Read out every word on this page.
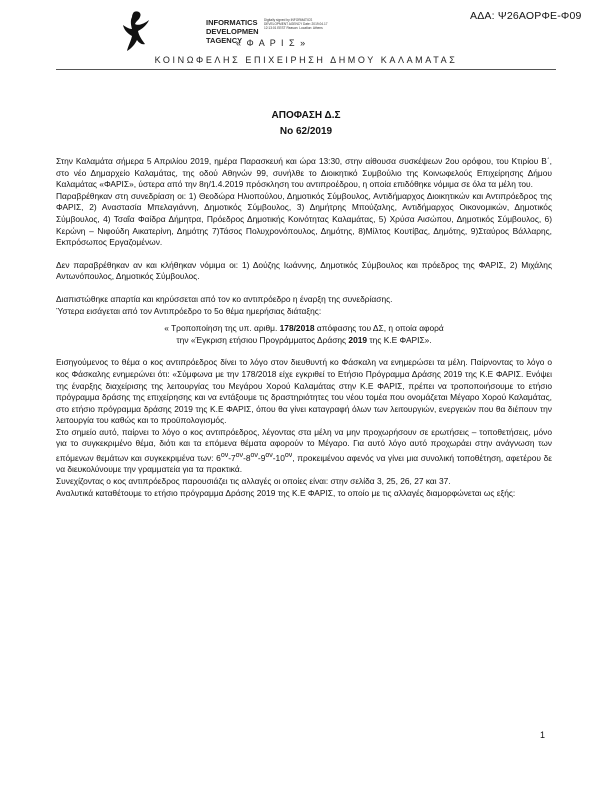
ΑΔΑ: Ψ26ΑΟΡΦΕ-Φ09
INFORMATICS
DEVELOPMEN
TAGENCY
Digitally signed by INFORMATICS DEVELOPMENT AGENCY Date: 2019.04.17 12:13:01 EEST Reason: Location: Athens
« Φ Α Ρ Ι Σ »
ΚΟΙΝΩΦΕΛΗΣ ΕΠΙΧΕΙΡΗΣΗ ΔΗΜΟΥ ΚΑΛΑΜΑΤΑΣ
ΑΠΟΦΑΣΗ Δ.Σ
Νο 62/2019

Στην Καλαμάτα σήμερα 5 Απριλίου 2019, ημέρα Παρασκευή και ώρα 13:30, στην αίθουσα συσκέψεων 2ου ορόφου, του Κτιρίου Β΄, στο νέο Δημαρχείο Καλαμάτας, της οδού Αθηνών 99, συνήλθε το Διοικητικό Συμβούλιο της Κοινωφελούς Επιχείρησης Δήμου Καλαμάτας «ΦΑΡΙΣ», ύστερα από την 8η/1.4.2019 πρόσκληση του αντιπροέδρου, η οποία επιδόθηκε νόμιμα σε όλα τα μέλη του.

Παραβρέθηκαν στη συνεδρίαση οι: 1) Θεοδώρα Ηλιοπούλου, Δημοτικός Σύμβουλος, Αντιδήμαρχος Διοικητικών και Αντιπρόεδρος της ΦΑΡΙΣ, 2) Αναστασία Μπελαγιάννη, Δημοτικός Σύμβουλος, 3) Δημήτρης Μπούζαλης, Αντιδήμαρχος Οικονομικών, Δημοτικός Σύμβουλος, 4) Τσαΐα Φαίδρα Δήμητρα, Πρόεδρος Δημοτικής Κοινότητας Καλαμάτας, 5) Χρύσα Αισώπου, Δημοτικός Σύμβουλος, 6) Κερώνη – Νιφούδη Αικατερίνη, Δημότης 7)Τάσος Πολυχρονόπουλος, Δημότης, 8)Μίλτος Κουτίβας, Δημότης, 9)Σταύρος Βάλλαρης, Εκπρόσωπος Εργαζομένων.

Δεν παραβρέθηκαν αν και κλήθηκαν νόμιμα οι: 1) Δούζης Ιωάννης, Δημοτικός Σύμβουλος και πρόεδρος της ΦΑΡΙΣ, 2) Μιχάλης Αντωνόπουλος, Δημοτικός Σύμβουλος.

Διαπιστώθηκε απαρτία και κηρύσσεται από τον κο αντιπρόεδρο η έναρξη της συνεδρίασης.

Ύστερα εισάγεται από τον Αντιπρόεδρο το 5ο θέμα ημερήσιας διάταξης:

« Τροποποίηση της υπ. αριθμ. 178/2018 απόφασης του ΔΣ, η οποία αφορά

την «Έγκριση ετήσιου Προγράμματος Δράσης 2019 της Κ.Ε ΦΑΡΙΣ».

Εισηγούμενος το θέμα ο κος αντιπρόεδρος δίνει το λόγο στον διευθυντή κο Φάσκαλη να ενημερώσει τα μέλη. Παίρνοντας το λόγο ο κος Φάσκαλης ενημερώνει ότι: «Σύμφωνα με την 178/2018 είχε εγκριθεί το Ετήσιο Πρόγραμμα Δράσης 2019 της Κ.Ε ΦΑΡΙΣ. Ενόψει της έναρξης διαχείρισης της λειτουργίας του Μεγάρου Χορού Καλαμάτας στην Κ.Ε ΦΑΡΙΣ, πρέπει να τροποποιήσουμε το ετήσιο πρόγραμμα δράσης της επιχείρησης και να εντάξουμε τις δραστηριότητες του νέου τομέα που ονομάζεται Μέγαρο Χορού Καλαμάτας, στο ετήσιο πρόγραμμα δράσης 2019 της Κ.Ε ΦΑΡΙΣ, όπου θα γίνει καταγραφή όλων των λειτουργιών, ενεργειών που θα διέπουν την λειτουργία του καθώς και το προϋπολογισμός.

Στο σημείο αυτό, παίρνει το λόγο ο κος αντιπρόεδρος, λέγοντας στα μέλη να μην προχωρήσουν σε ερωτήσεις – τοποθετήσεις, μόνο για το συγκεκριμένο θέμα, διότι και τα επόμενα θέματα αφορούν το Μέγαρο. Για αυτό λόγο αυτό προχωράει στην ανάγνωση των επόμενων θεμάτων και συγκεκριμένα των: $6^{o\nu}-7^{o\nu}-8^{o\nu}-9^{o\nu}-10^{o\nu}$, προκειμένου αφενός να γίνει μια συνολική τοποθέτηση, αφετέρου δε να διευκολύνουμε την γραμματεία για τα πρακτικά.

Συνεχίζοντας ο κος αντιπρόεδρος παρουσιάζει τις αλλαγές οι οποίες είναι: στην σελίδα 3, 25, 26, 27 και 37.

Αναλυτικά καταθέτουμε το ετήσιο πρόγραμμα Δράσης 2019 της Κ.Ε ΦΑΡΙΣ, το οποίο με τις αλλαγές διαμορφώνεται ως εξής:

1
